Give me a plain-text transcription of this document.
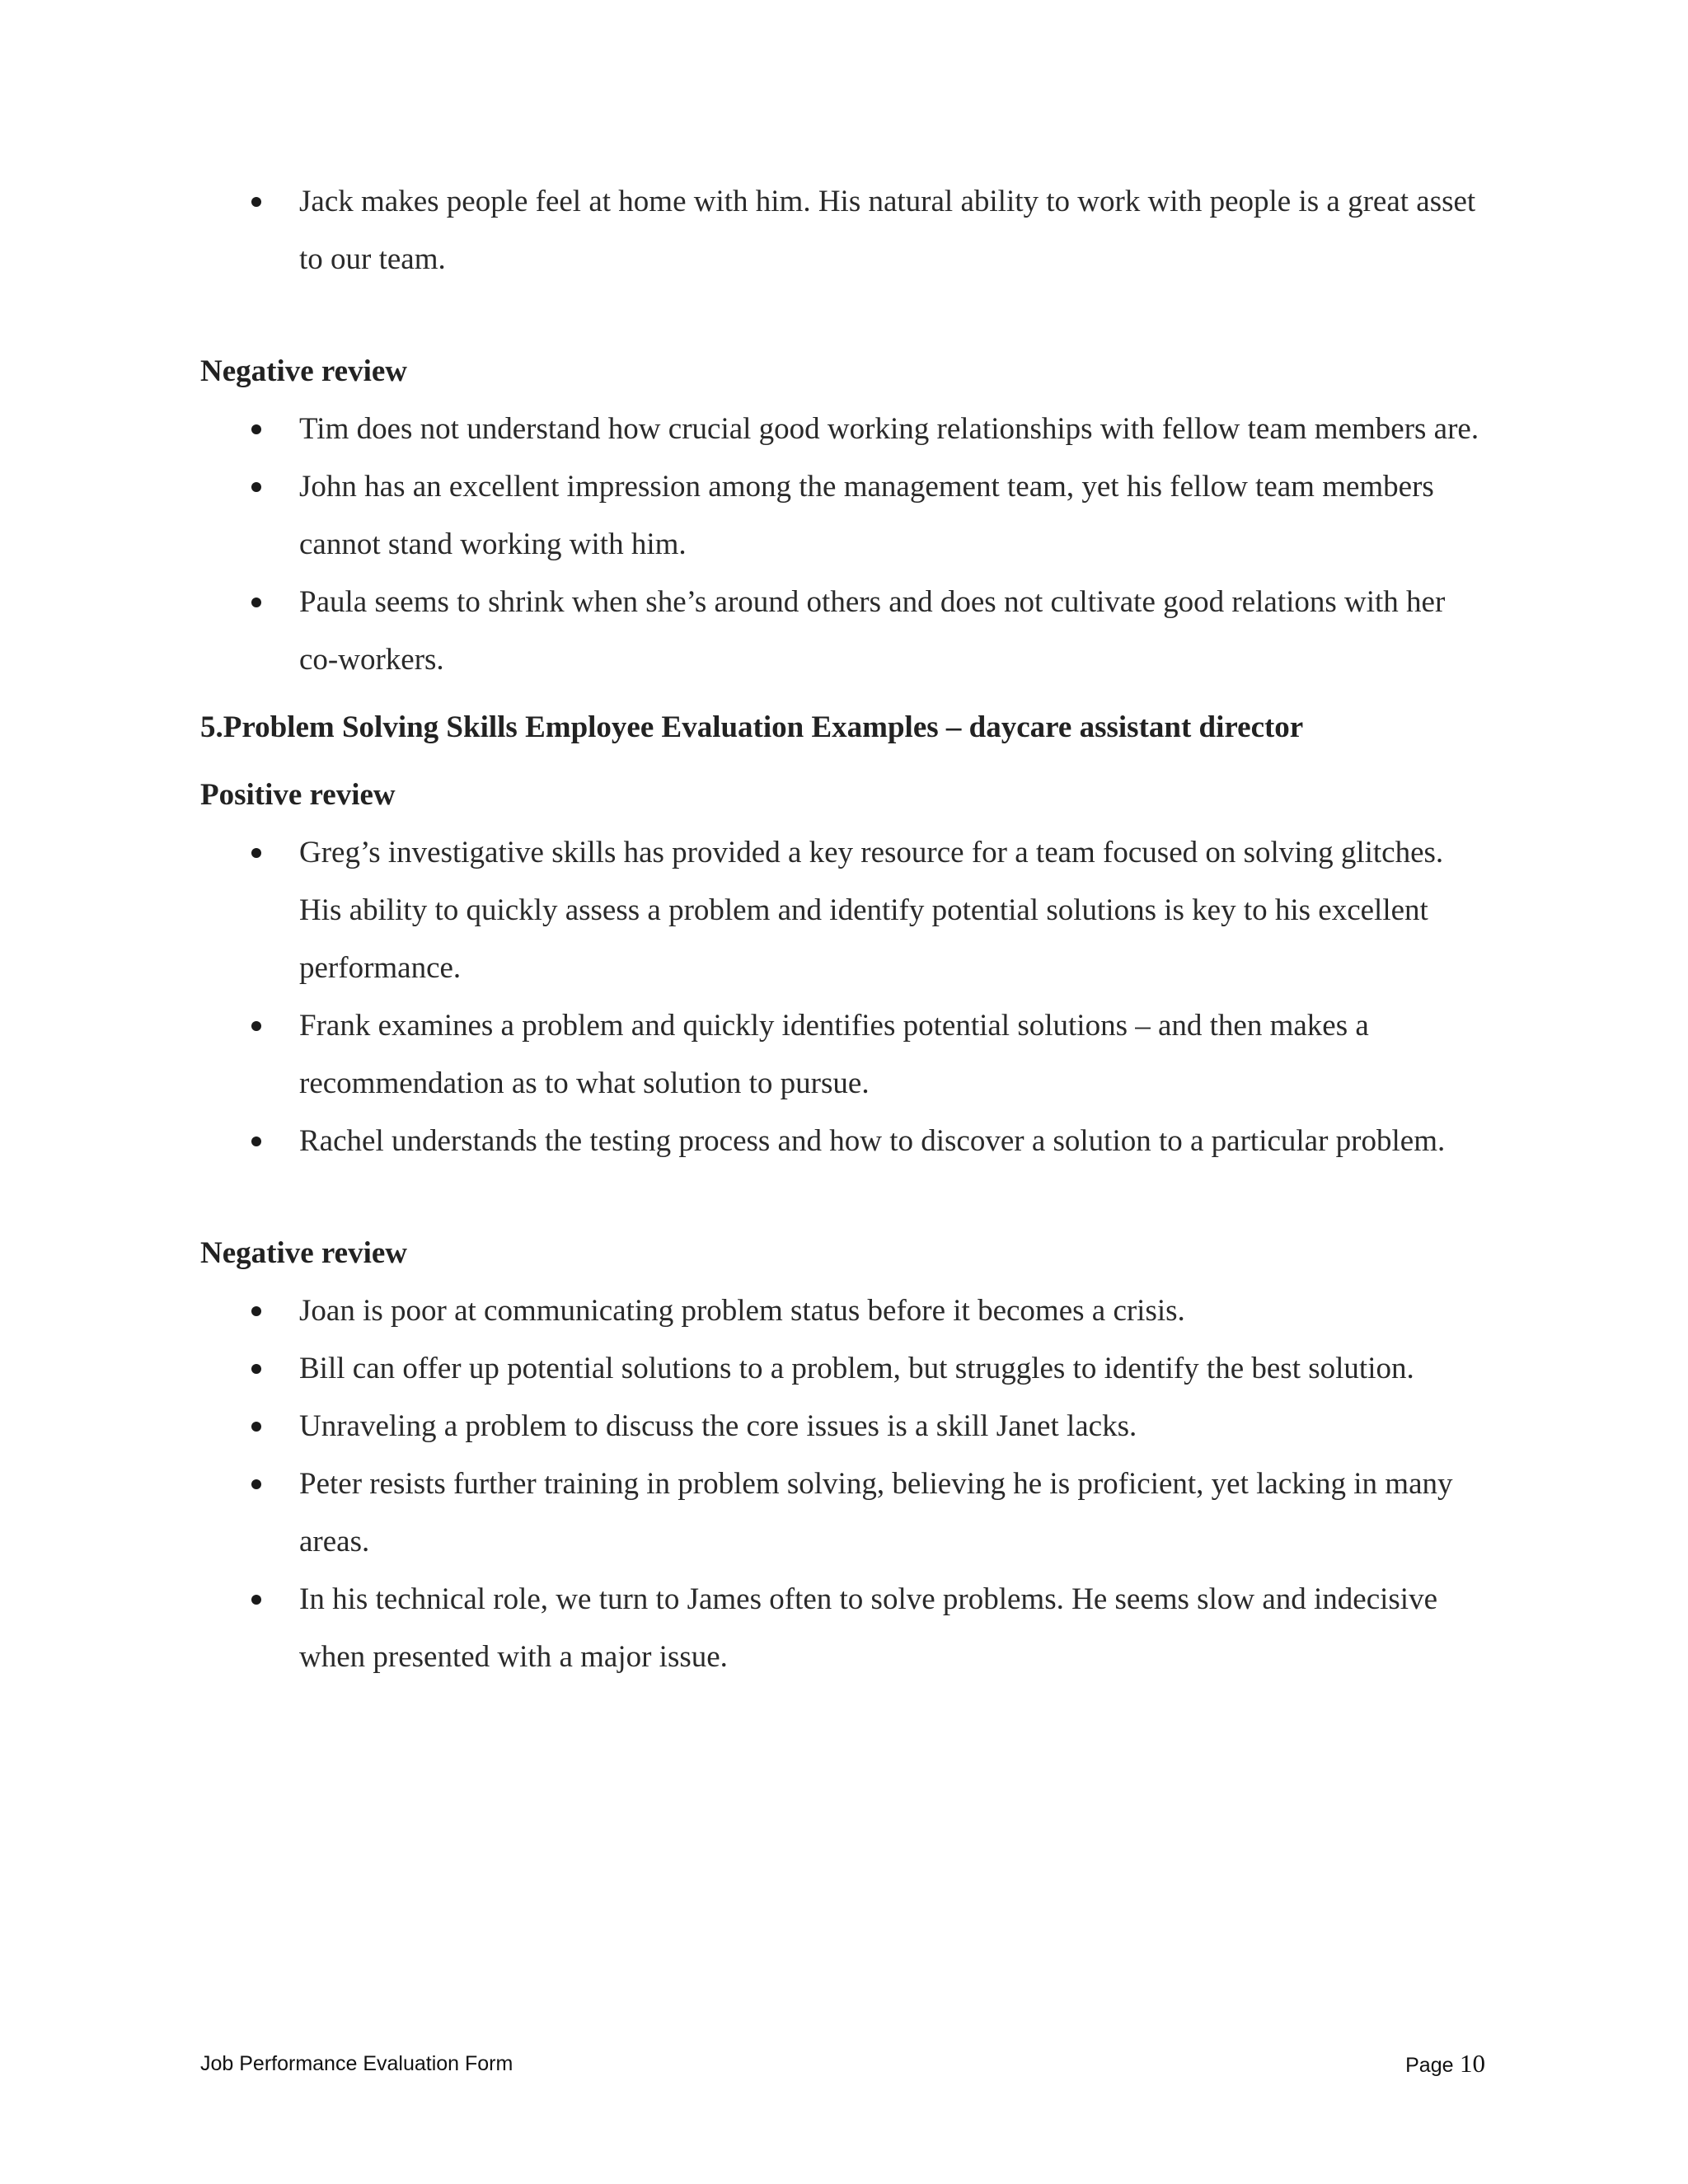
Jack makes people feel at home with him. His natural ability to work with people is a great asset to our team.
Negative review
Tim does not understand how crucial good working relationships with fellow team members are.
John has an excellent impression among the management team, yet his fellow team members cannot stand working with him.
Paula seems to shrink when she’s around others and does not cultivate good relations with her co-workers.
5.Problem Solving Skills Employee Evaluation Examples – daycare assistant director
Positive review
Greg’s investigative skills has provided a key resource for a team focused on solving glitches. His ability to quickly assess a problem and identify potential solutions is key to his excellent performance.
Frank examines a problem and quickly identifies potential solutions – and then makes a recommendation as to what solution to pursue.
Rachel understands the testing process and how to discover a solution to a particular problem.
Negative review
Joan is poor at communicating problem status before it becomes a crisis.
Bill can offer up potential solutions to a problem, but struggles to identify the best solution.
Unraveling a problem to discuss the core issues is a skill Janet lacks.
Peter resists further training in problem solving, believing he is proficient, yet lacking in many areas.
In his technical role, we turn to James often to solve problems. He seems slow and indecisive when presented with a major issue.
Job Performance Evaluation Form	Page 10
